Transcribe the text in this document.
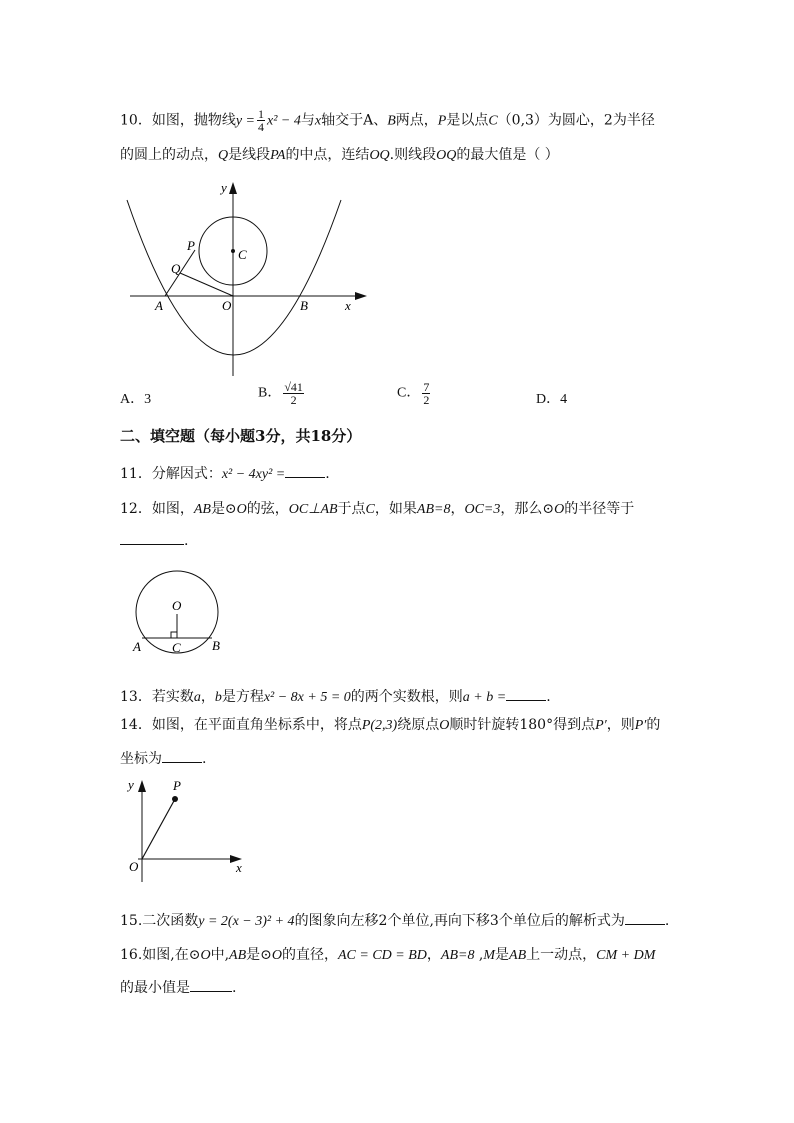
10．如图，抛物线$y = \frac{1}{4} x^2 - 4$与x轴交于A、B两点，P是以点C（0,3）为圆心，2为半径
的圆上的动点，Q是线段PA的中点，连结OQ.则线段OQ的最大值是（ ）
y
x
C
P
Q
A	O	B
A．3	B． $\frac{√41}{2}$	C． $\frac{7}{2}$	D．4
二、填空题（每小题3分，共18分）
11．分解因式：x² − 4xy² =	.
12．如图，AB是⊙O的弦，OC⊥AB于点C，如果AB=8，OC=3，那么⊙O的半径等于
.
O
A C B
13．若实数a，b是方程x² − 8x + 5 = 0的两个实数根，则a + b =	.
14．如图，在平面直角坐标系中，将点P(2,3)绕原点O顺时针旋转180°得到点P′，则P′的
坐标为	.
y	P
O	x
15.二次函数y = 2(x − 3)² + 4的图象向左移2个单位,再向下移3个单位后的解析式为	.
16.如图,在⊙O中,AB是⊙O的直径，AC = CD = BD，AB=8 ,M是AB上一动点，CM + DM
的最小值是	.
